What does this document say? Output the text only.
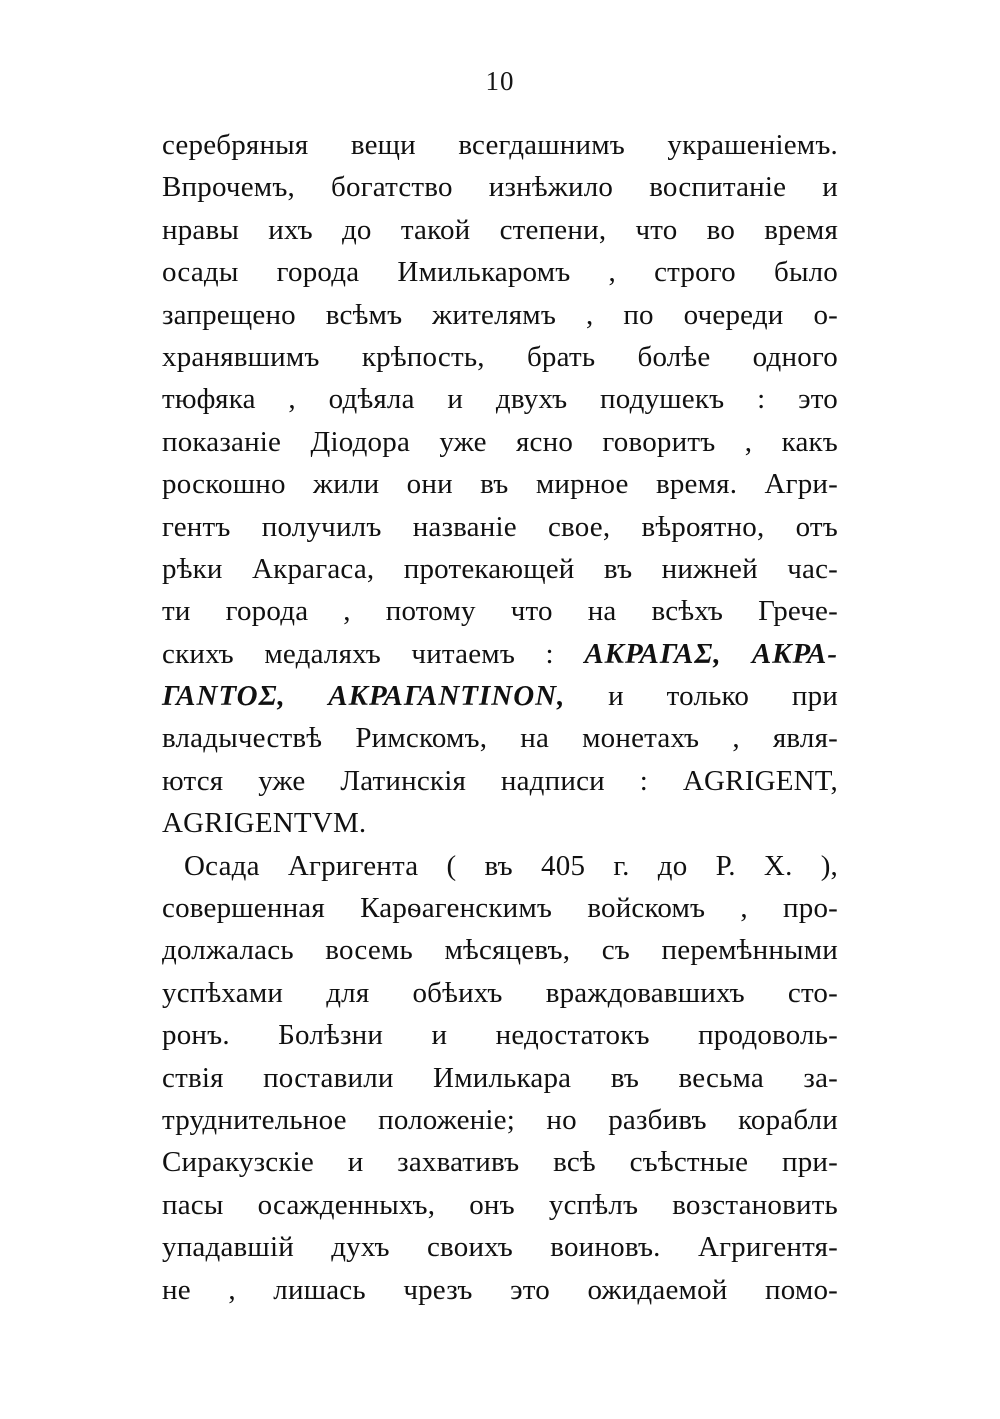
10
серебряныя вещи всегдашнимъ украшеніемъ.
Впрочемъ, богатство изнѣжило воспитаніе и
нравы ихъ до такой степени, что во время
осады города Имилькаромъ , строго было
запрещено всѣмъ жителямъ , по очереди о-
хранявшимъ крѣпость, брать болѣе одного
тюфяка , одѣяла и двухъ подушекъ : это
показаніе Діодора уже ясно говоритъ , какъ
роскошно жили они въ мирное время. Агри-
гентъ получилъ названіе свое, вѣроятно, отъ
рѣки Акрагаса, протекающей въ нижней час-
ти города , потому что на всѣхъ Грече-
скихъ медаляхъ читаемъ : ΑΚΡΑΓΑΣ, ΑΚΡΑ-
ΓΑΝΤΟΣ, ΑΚΡΑΓΑΝΤΙΝΟΝ, и только при
владычествѣ Римскомъ, на монетахъ , явля-
ются уже Латинскія надписи : AGRIGENT,
AGRIGENTVM.
Осада Агригента ( въ 405 г. до Р. Х. ),
совершенная Карѳагенскимъ войскомъ , про-
должалась восемь мѣсяцевъ, съ перемѣнными
успѣхами для обѣихъ враждовавшихъ сто-
ронъ. Болѣзни и недостатокъ продоволь-
ствія поставили Имилькара въ весьма за-
труднительное положеніе; но разбивъ корабли
Сиракузскіе и захвативъ всѣ съѣстные при-
пасы осажденныхъ, онъ успѣлъ возстановить
упадавшій духъ своихъ воиновъ. Агригентя-
не , лишась чрезъ это ожидаемой помо-
